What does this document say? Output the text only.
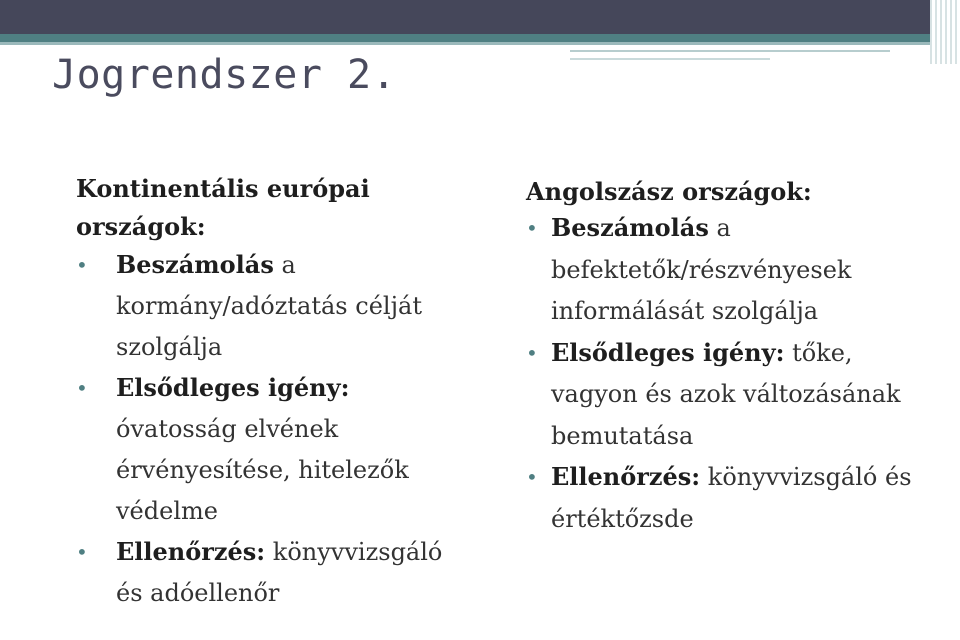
Jogrendszer 2.
Kontinentális európai országok:
• Beszámolás a kormány/adóztatás célját szolgálja
• Elsődleges igény: óvatosság elvének érvényesítése, hitelezők védelme
• Ellenőrzés: könyvvizsgáló és adóellenőr
Angolszász országok:
• Beszámolás a befektetők/részvényesek informálását szolgálja
• Elsődleges igény: tőke, vagyon és azok változásának bemutatása
• Ellenőrzés: könyvvizsgáló és értéktőzsde
